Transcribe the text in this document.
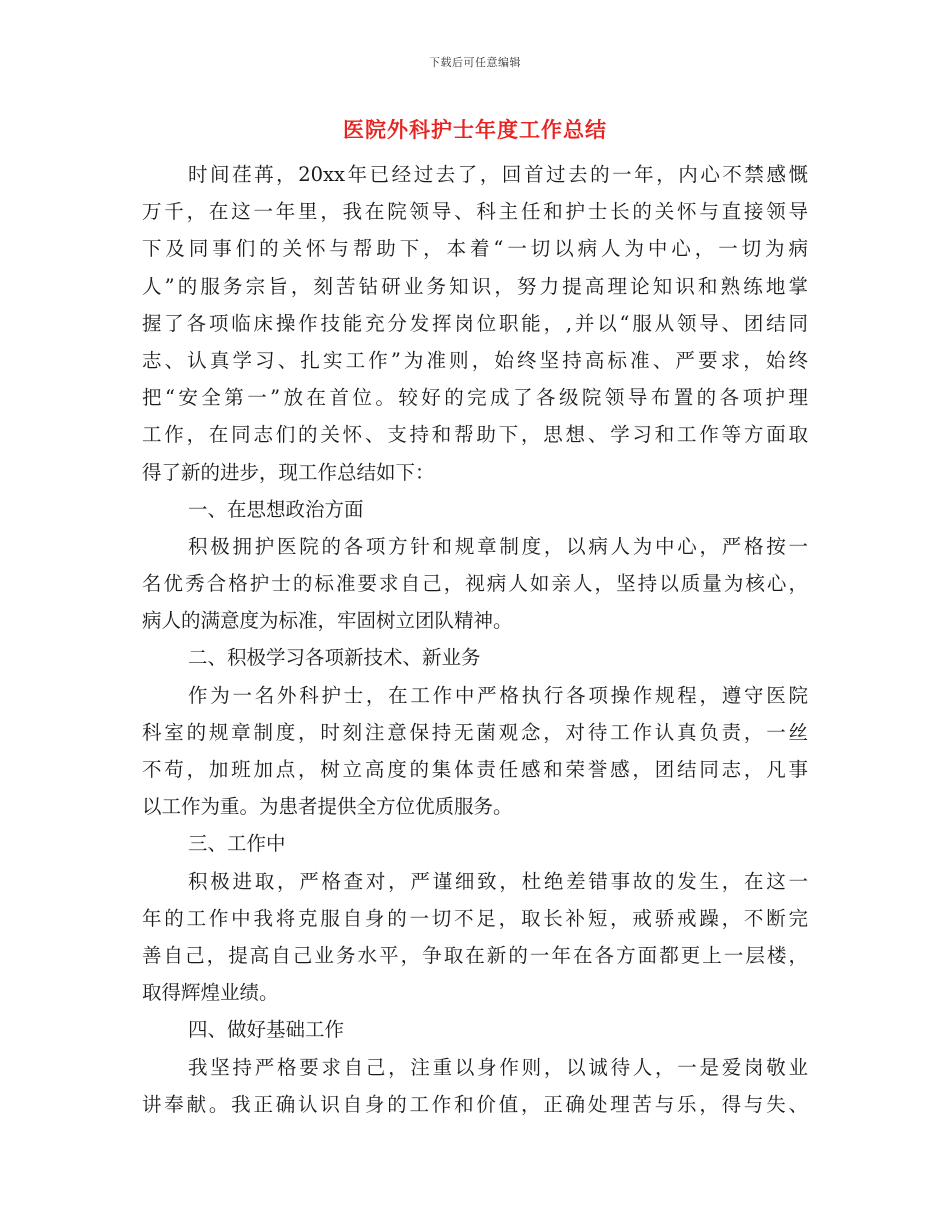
下载后可任意编辑
医院外科护士年度工作总结
时间荏苒，20xx年已经过去了，回首过去的一年，内心不禁感慨
万千，在这一年里，我在院领导、科主任和护士长的关怀与直接领导
下及同事们的关怀与帮助下，本着“一切以病人为中心，一切为病
人”的服务宗旨，刻苦钻研业务知识，努力提高理论知识和熟练地掌
握了各项临床操作技能充分发挥岗位职能，,并以“服从领导、团结同
志、认真学习、扎实工作”为准则，始终坚持高标准、严要求，始终
把“安全第一”放在首位。较好的完成了各级院领导布置的各项护理
工作，在同志们的关怀、支持和帮助下，思想、学习和工作等方面取
得了新的进步，现工作总结如下：
一、在思想政治方面
积极拥护医院的各项方针和规章制度，以病人为中心，严格按一
名优秀合格护士的标准要求自己，视病人如亲人，坚持以质量为核心，
病人的满意度为标准，牢固树立团队精神。
二、积极学习各项新技术、新业务
作为一名外科护士，在工作中严格执行各项操作规程，遵守医院
科室的规章制度，时刻注意保持无菌观念，对待工作认真负责，一丝
不苟，加班加点，树立高度的集体责任感和荣誉感，团结同志，凡事
以工作为重。为患者提供全方位优质服务。
三、工作中
积极进取，严格查对，严谨细致，杜绝差错事故的发生，在这一
年的工作中我将克服自身的一切不足，取长补短，戒骄戒躁，不断完
善自己，提高自己业务水平，争取在新的一年在各方面都更上一层楼，
取得辉煌业绩。
四、做好基础工作
我坚持严格要求自己，注重以身作则，以诚待人，一是爱岗敬业
讲奉献。我正确认识自身的工作和价值，正确处理苦与乐，得与失、
